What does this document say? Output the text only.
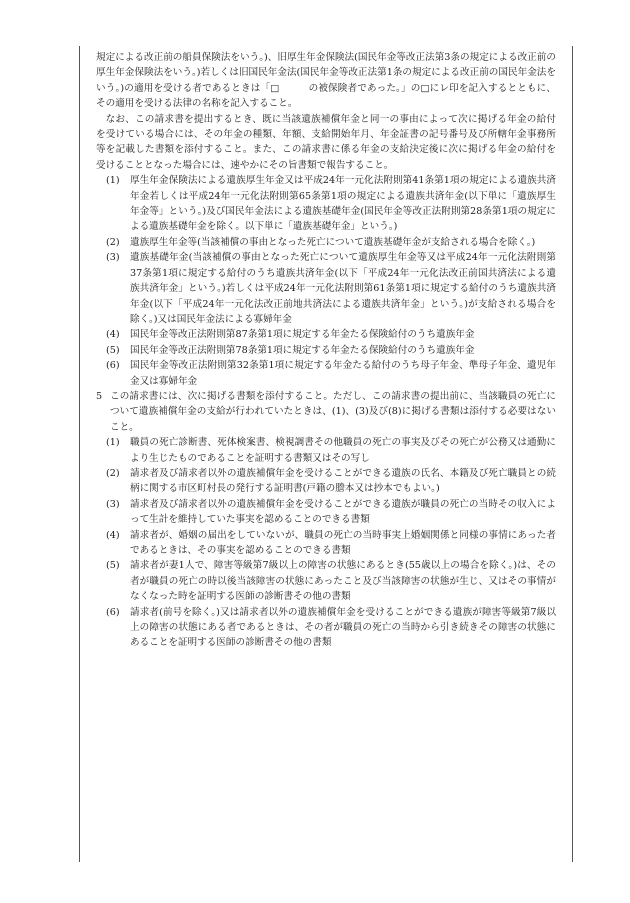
規定による改正前の船員保険法をいう。)、旧厚生年金保険法(国民年金等改正法第3条の規定による改正前の厚生年金保険法をいう。)若しくは旧国民年金法(国民年金等改正法第1条の規定による改正前の国民年金法をいう。)の適用を受ける者であるときは「□　　　の被保険者であった。」の□にレ印を記入するとともに、その適用を受ける法律の名称を記入すること。

なお、この請求書を提出するとき、既に当該遺族補償年金と同一の事由によって次に掲げる年金の給付を受けている場合には、その年金の種類、年額、支給開始年月、年金証書の記号番号及び所轄年金事務所等を記載した書類を添付すること。また、この請求書に係る年金の支給決定後に次に掲げる年金の給付を受けることとなった場合には、速やかにその旨書類で報告すること。

(1)	厚生年金保険法による遺族厚生年金又は平成24年一元化法附則第41条第1項の規定による遺族共済年金若しくは平成24年一元化法附則第65条第1項の規定による遺族共済年金(以下単に「遺族厚生年金等」という。)及び国民年金法による遺族基礎年金(国民年金等改正法附則第28条第1項の規定による遺族基礎年金を除く。以下単に「遺族基礎年金」という。)
(2)	遺族厚生年金等(当該補償の事由となった死亡について遺族基礎年金が支給される場合を除く。)
(3)	遺族基礎年金(当該補償の事由となった死亡について遺族厚生年金等又は平成24年一元化法附則第37条第1項に規定する給付のうち遺族共済年金(以下「平成24年一元化法改正前国共済法による遺族共済年金」という。)若しくは平成24年一元化法附則第61条第1項に規定する給付のうち遺族共済年金(以下「平成24年一元化法改正前地共済法による遺族共済年金」という。)が支給される場合を除く。)又は国民年金法による寡婦年金
(4)	国民年金等改正法附則第87条第1項に規定する年金たる保険給付のうち遺族年金
(5)	国民年金等改正法附則第78条第1項に規定する年金たる保険給付のうち遺族年金
(6)	国民年金等改正法附則第32条第1項に規定する年金たる給付のうち母子年金、準母子年金、遺児年金又は寡婦年金
5 この請求書には、次に掲げる書類を添付すること。ただし、この請求書の提出前に、当該職員の死亡について遺族補償年金の支給が行われていたときは、(1)、(3)及び(8)に掲げる書類は添付する必要はないこと。
(1)	職員の死亡診断書、死体検案書、検視調書その他職員の死亡の事実及びその死亡が公務又は通勤により生じたものであることを証明する書類又はその写し
(2)	請求者及び請求者以外の遺族補償年金を受けることができる遺族の氏名、本籍及び死亡職員との続柄に関する市区町村長の発行する証明書(戸籍の謄本又は抄本でもよい。)
(3)	請求者及び請求者以外の遺族補償年金を受けることができる遺族が職員の死亡の当時その収入によって生計を維持していた事実を認めることのできる書類
(4)	請求者が、婚姻の届出をしていないが、職員の死亡の当時事実上婚姻関係と同様の事情にあった者であるときは、その事実を認めることのできる書類
(5)	請求者が妻1人で、障害等級第7級以上の障害の状態にあるとき(55歳以上の場合を除く。)は、その者が職員の死亡の時以後当該障害の状態にあったこと及び当該障害の状態が生じ、又はその事情がなくなった時を証明する医師の診断書その他の書類
(6)	請求者(前号を除く。)又は請求者以外の遺族補償年金を受けることができる遺族が障害等級第7級以上の障害の状態にある者であるときは、その者が職員の死亡の当時から引き続きその障害の状態にあることを証明する医師の診断書その他の書類
